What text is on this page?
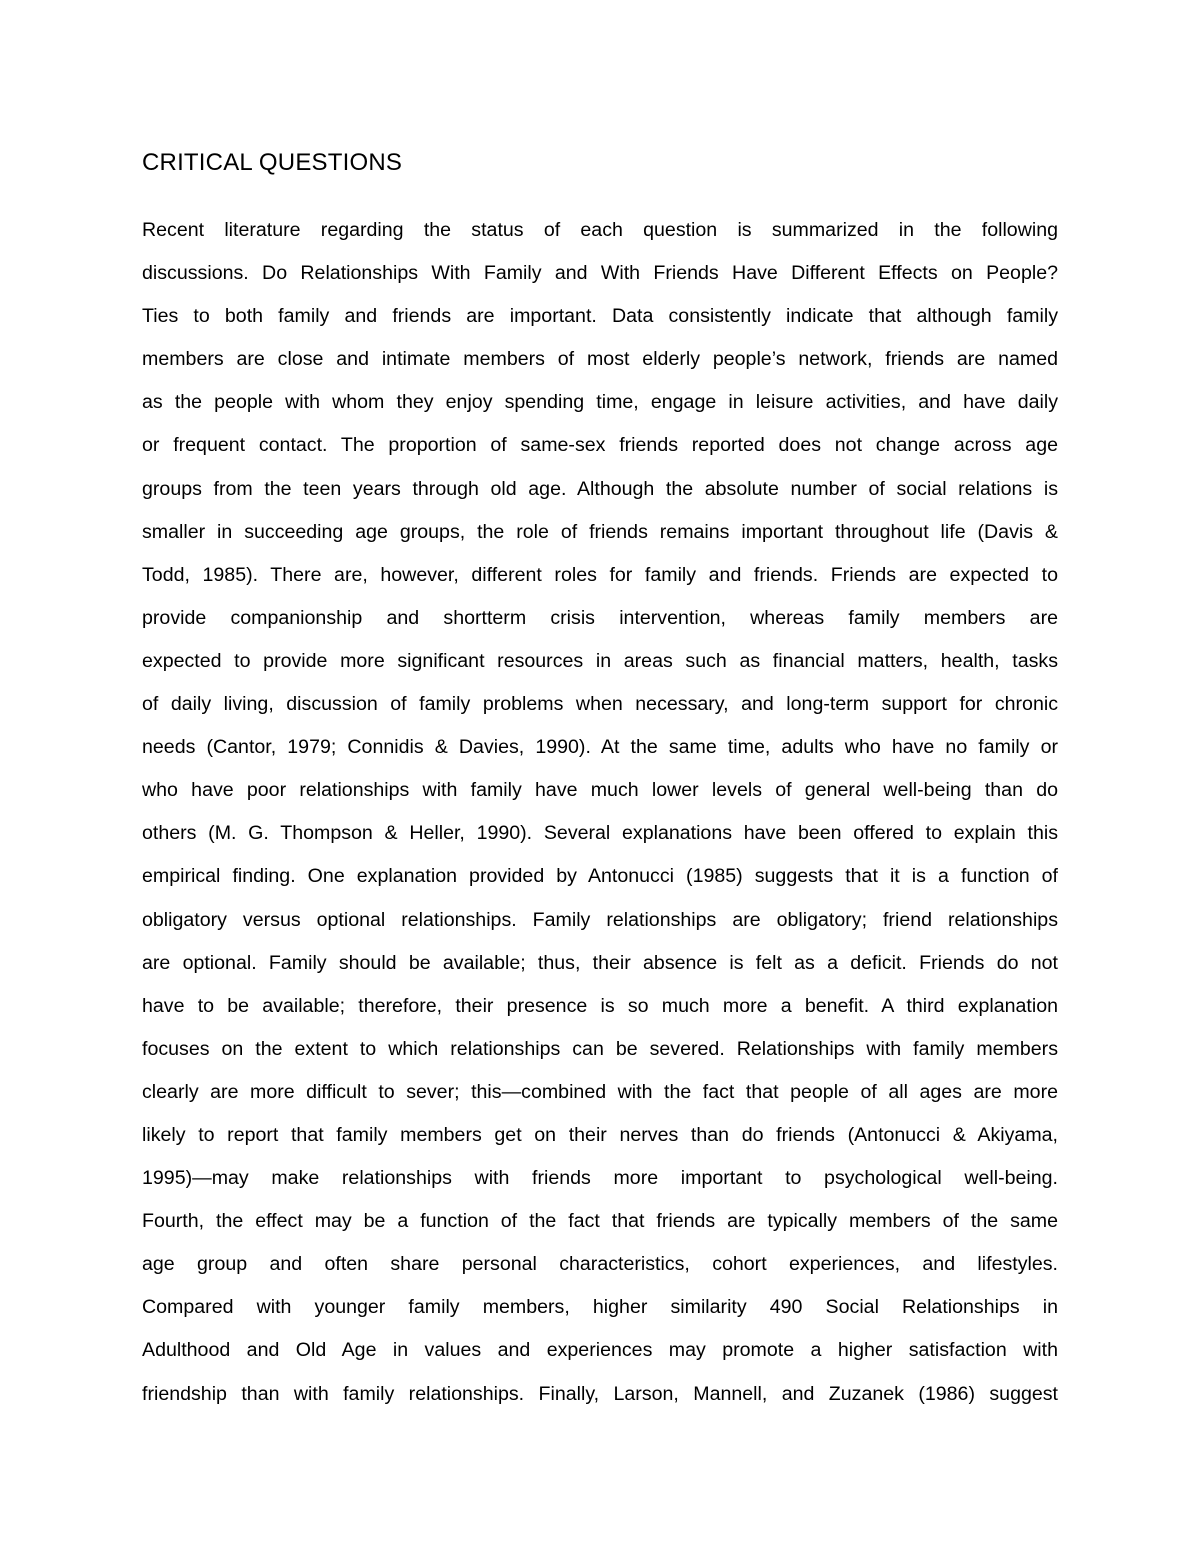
CRITICAL QUESTIONS
Recent literature regarding the status of each question is summarized in the following
discussions. Do Relationships With Family and With Friends Have Different Effects on People?
Ties to both family and friends are important. Data consistently indicate that although family
members are close and intimate members of most elderly people’s network, friends are named
as the people with whom they enjoy spending time, engage in leisure activities, and have daily
or frequent contact. The proportion of same-sex friends reported does not change across age
groups from the teen years through old age. Although the absolute number of social relations is
smaller in succeeding age groups, the role of friends remains important throughout life (Davis &
Todd, 1985). There are, however, different roles for family and friends. Friends are expected to
provide companionship and shortterm crisis intervention, whereas family members are
expected to provide more significant resources in areas such as financial matters, health, tasks
of daily living, discussion of family problems when necessary, and long-term support for chronic
needs (Cantor, 1979; Connidis & Davies, 1990). At the same time, adults who have no family or
who have poor relationships with family have much lower levels of general well-being than do
others (M. G. Thompson & Heller, 1990). Several explanations have been offered to explain this
empirical finding. One explanation provided by Antonucci (1985) suggests that it is a function of
obligatory versus optional relationships. Family relationships are obligatory; friend relationships
are optional. Family should be available; thus, their absence is felt as a deficit. Friends do not
have to be available; therefore, their presence is so much more a benefit. A third explanation
focuses on the extent to which relationships can be severed. Relationships with family members
clearly are more difficult to sever; this—combined with the fact that people of all ages are more
likely to report that family members get on their nerves than do friends (Antonucci & Akiyama,
1995)—may make relationships with friends more important to psychological well-being.
Fourth, the effect may be a function of the fact that friends are typically members of the same
age group and often share personal characteristics, cohort experiences, and lifestyles.
Compared with younger family members, higher similarity 490 Social Relationships in
Adulthood and Old Age in values and experiences may promote a higher satisfaction with
friendship than with family relationships. Finally, Larson, Mannell, and Zuzanek (1986) suggest
